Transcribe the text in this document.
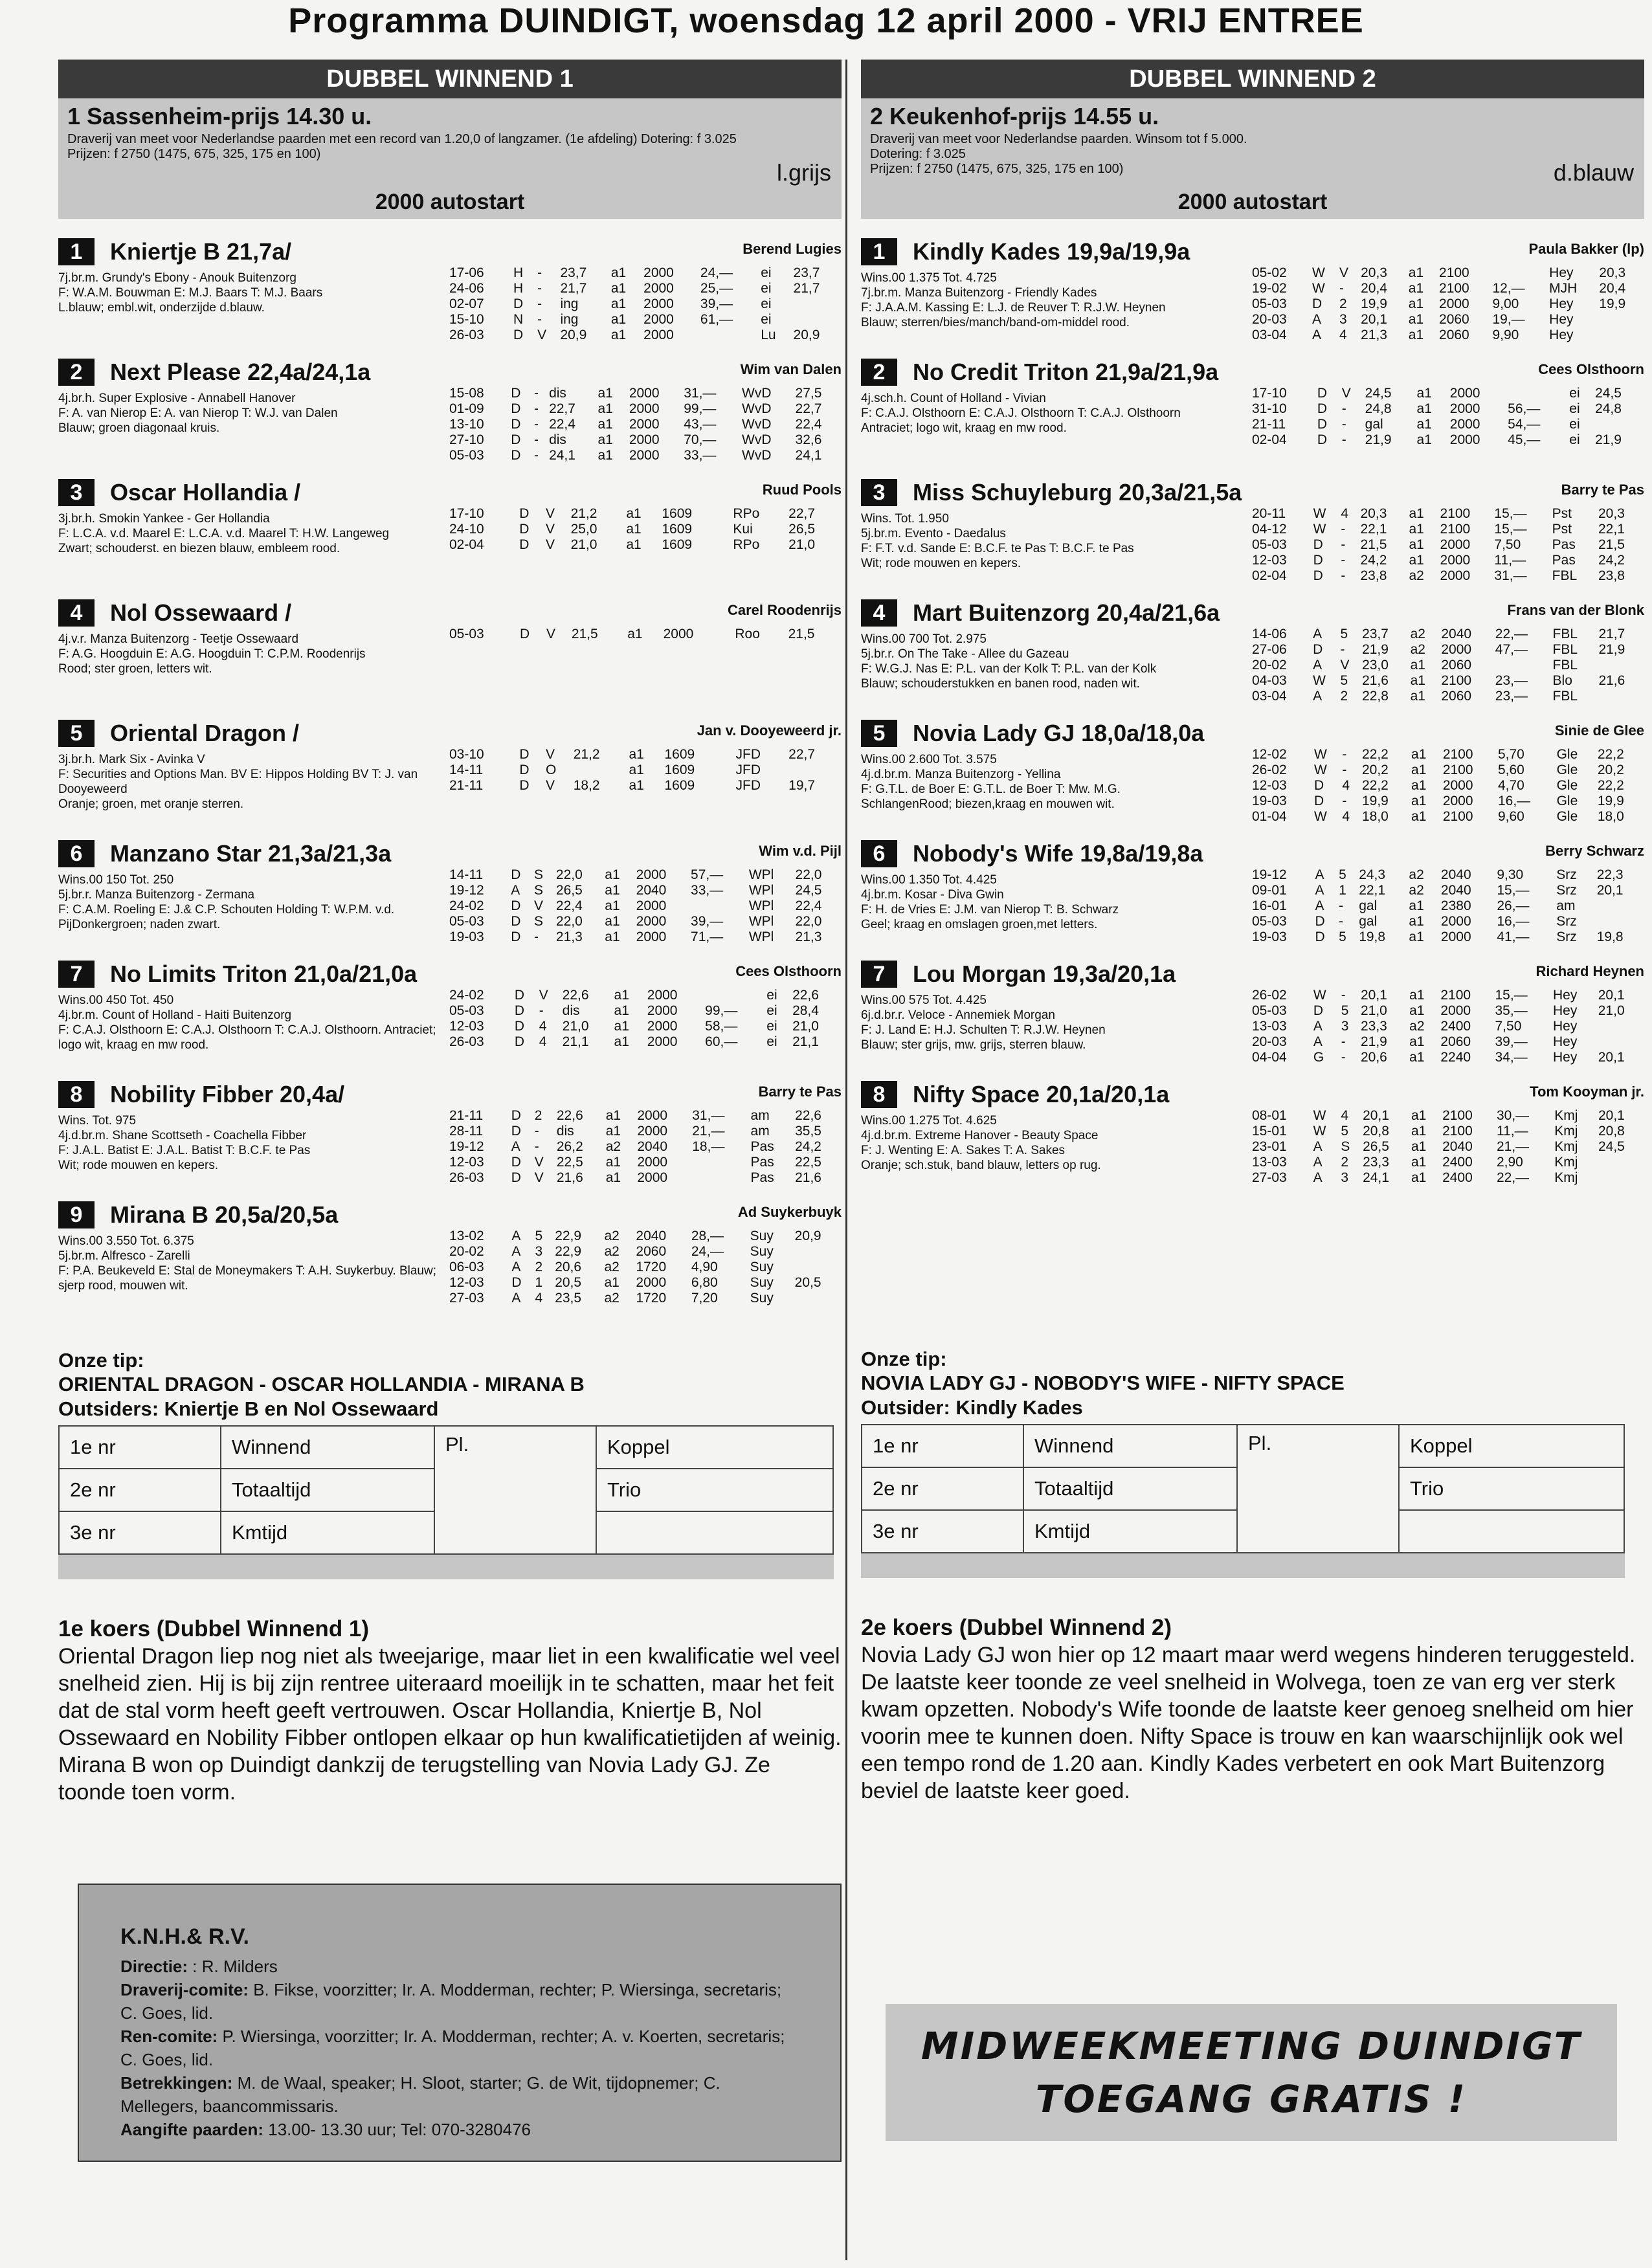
Programma DUINDIGT, woensdag 12 april 2000 - VRIJ ENTREE
DUBBEL WINNEND 1
1 Sassenheim-prijs 14.30 u.
Draverij van meet voor Nederlandse paarden met een record van 1.20,0 of langzamer. (1e afdeling) Dotering: f 3.025
Prijzen: f 2750 (1475, 675, 325, 175 en 100)
l.grijs
2000 autostart
1	Kniertje B 21,7a/	Berend Lugies
7j.br.m. Grundy's Ebony - Anouk Buitenzorg
F: W.A.M. Bouwman E: M.J. Baars T: M.J. Baars
L.blauw; embl.wit, onderzijde d.blauw.
17-06	H	-	23,7	a1	2000	24,—	ei	23,7
24-06	H	-	21,7	a1	2000	25,—	ei	21,7
02-07	D	-	ing	a1	2000	39,—	ei	
15-10	N	-	ing	a1	2000	61,—	ei	
26-03	D	V	20,9	a1	2000		Lu	20,9
2	Next Please 22,4a/24,1a	Wim van Dalen
4j.br.h. Super Explosive - Annabell Hanover
F: A. van Nierop E: A. van Nierop T: W.J. van Dalen
Blauw; groen diagonaal kruis.
15-08	D	-	dis	a1	2000	31,—	WvD	27,5
01-09	D	-	22,7	a1	2000	99,—	WvD	22,7
13-10	D	-	22,4	a1	2000	43,—	WvD	22,4
27-10	D	-	dis	a1	2000	70,—	WvD	32,6
05-03	D	-	24,1	a1	2000	33,—	WvD	24,1
3	Oscar Hollandia /	Ruud Pools
3j.br.h. Smokin Yankee - Ger Hollandia
F: L.C.A. v.d. Maarel E: L.C.A. v.d. Maarel T: H.W. Langeweg
Zwart; schouderst. en biezen blauw, embleem rood.
17-10	D	V	21,2	a1	1609		RPo	22,7
24-10	D	V	25,0	a1	1609		Kui	26,5
02-04	D	V	21,0	a1	1609		RPo	21,0
4	Nol Ossewaard /	Carel Roodenrijs
4j.v.r. Manza Buitenzorg - Teetje Ossewaard
F: A.G. Hoogduin E: A.G. Hoogduin T: C.P.M. Roodenrijs
Rood; ster groen, letters wit.
05-03	D	V	21,5	a1	2000		Roo	21,5
5	Oriental Dragon /	Jan v. Dooyeweerd jr.
3j.br.h. Mark Six - Avinka V
F: Securities and Options Man. BV E: Hippos Holding BV T: J. van Dooyeweerd
Oranje; groen, met oranje sterren.
03-10	D	V	21,2	a1	1609		JFD	22,7
14-11	D	O		a1	1609		JFD	
21-11	D	V	18,2	a1	1609		JFD	19,7
6	Manzano Star 21,3a/21,3a	Wim v.d. Pijl
Wins.00 150 Tot. 250
5j.br.r. Manza Buitenzorg - Zermana
F: C.A.M. Roeling E: J.& C.P. Schouten Holding T: W.P.M. v.d. PijDonkergroen; naden zwart.
14-11	D	S	22,0	a1	2000	57,—	WPl	22,0
19-12	A	S	26,5	a1	2040	33,—	WPl	24,5
24-02	D	V	22,4	a1	2000		WPl	22,4
05-03	D	S	22,0	a1	2000	39,—	WPl	22,0
19-03	D	-	21,3	a1	2000	71,—	WPl	21,3
7	No Limits Triton 21,0a/21,0a	Cees Olsthoorn
Wins.00 450 Tot. 450
4j.br.m. Count of Holland - Haiti Buitenzorg
F: C.A.J. Olsthoorn E: C.A.J. Olsthoorn T: C.A.J. Olsthoorn. Antraciet; logo wit, kraag en mw rood.
24-02	D	V	22,6	a1	2000		ei	22,6
05-03	D	-	dis	a1	2000	99,—	ei	28,4
12-03	D	4	21,0	a1	2000	58,—	ei	21,0
26-03	D	4	21,1	a1	2000	60,—	ei	21,1
8	Nobility Fibber 20,4a/	Barry te Pas
Wins. Tot. 975
4j.d.br.m. Shane Scottseth - Coachella Fibber
F: J.A.L. Batist E: J.A.L. Batist T: B.C.F. te Pas
Wit; rode mouwen en kepers.
21-11	D	2	22,6	a1	2000	31,—	am	22,6
28-11	D	-	dis	a1	2000	21,—	am	35,5
19-12	A	-	26,2	a2	2040	18,—	Pas	24,2
12-03	D	V	22,5	a1	2000		Pas	22,5
26-03	D	V	21,6	a1	2000		Pas	21,6
9	Mirana B 20,5a/20,5a	Ad Suykerbuyk
Wins.00 3.550 Tot. 6.375
5j.br.m. Alfresco - Zarelli
F: P.A. Beukeveld E: Stal de Moneymakers T: A.H. Suykerbuy. Blauw; sjerp rood, mouwen wit.
13-02	A	5	22,9	a2	2040	28,—	Suy	20,9
20-02	A	3	22,9	a2	2060	24,—	Suy	
06-03	A	2	20,6	a2	1720	4,90	Suy	
12-03	D	1	20,5	a1	2000	6,80	Suy	20,5
27-03	A	4	23,5	a2	1720	7,20	Suy	
Onze tip:
ORIENTAL DRAGON - OSCAR HOLLANDIA - MIRANA B
Outsiders: Kniertje B en Nol Ossewaard
1e nr	Winnend	Pl.	Koppel
2e nr	Totaaltijd		Trio
3e nr	Kmtijd		
1e koers (Dubbel Winnend 1)
Oriental Dragon liep nog niet als tweejarige, maar liet in een kwalificatie wel veel snelheid zien. Hij is bij zijn rentree uiteraard moeilijk in te schatten, maar het feit dat de stal vorm heeft geeft vertrouwen. Oscar Hollandia, Kniertje B, Nol Ossewaard en Nobility Fibber ontlopen elkaar op hun kwalificatietijden af weinig. Mirana B won op Duindigt dankzij de terugstelling van Novia Lady GJ. Ze toonde toen vorm.
DUBBEL WINNEND 2
2 Keukenhof-prijs 14.55 u.
Draverij van meet voor Nederlandse paarden. Winsom tot f 5.000. Dotering: f 3.025
Prijzen: f 2750 (1475, 675, 325, 175 en 100)	d.blauw
2000 autostart
1	Kindly Kades 19,9a/19,9a	Paula Bakker (lp)
Wins.00 1.375 Tot. 4.725
7j.br.m. Manza Buitenzorg - Friendly Kades
F: J.A.A.M. Kassing E: L.J. de Reuver T: R.J.W. Heynen
Blauw; sterren/bies/manch/band-om-middel rood.
05-02	W	V	20,3	a1	2100		Hey	20,3
19-02	W	-	20,4	a1	2100	12,—	MJH	20,4
05-03	D	2	19,9	a1	2000	9,00	Hey	19,9
20-03	A	3	20,1	a1	2060	19,—	Hey	
03-04	A	4	21,3	a1	2060	9,90	Hey	
2	No Credit Triton 21,9a/21,9a	Cees Olsthoorn
4j.sch.h. Count of Holland - Vivian
F: C.A.J. Olsthoorn E: C.A.J. Olsthoorn T: C.A.J. Olsthoorn
Antraciet; logo wit, kraag en mw rood.
17-10	D	V	24,5	a1	2000		ei	24,5
31-10	D	-	24,8	a1	2000	56,—	ei	24,8
21-11	D	-	gal	a1	2000	54,—	ei	
02-04	D	-	21,9	a1	2000	45,—	ei	21,9
3	Miss Schuyleburg 20,3a/21,5a	Barry te Pas
Wins. Tot. 1.950
5j.br.m. Evento - Daedalus
F: F.T. v.d. Sande E: B.C.F. te Pas T: B.C.F. te Pas
Wit; rode mouwen en kepers.
20-11	W	4	20,3	a1	2100	15,—	Pst	20,3
04-12	W	-	22,1	a1	2100	15,—	Pst	22,1
05-03	D	-	21,5	a1	2000	7,50	Pas	21,5
12-03	D	-	24,2	a1	2000	11,—	Pas	24,2
02-04	D	-	23,8	a2	2000	31,—	FBL	23,8
4	Mart Buitenzorg 20,4a/21,6a	Frans van der Blonk
Wins.00 700 Tot. 2.975
5j.br.r. On The Take - Allee du Gazeau
F: W.G.J. Nas E: P.L. van der Kolk T: P.L. van der Kolk
Blauw; schouderstukken en banen rood, naden wit.
14-06	A	5	23,7	a2	2040	22,—	FBL	21,7
27-06	D	-	21,9	a2	2000	47,—	FBL	21,9
20-02	A	V	23,0	a1	2060		FBL	
04-03	W	5	21,6	a1	2100	23,—	Blo	21,6
03-04	A	2	22,8	a1	2060	23,—	FBL	
5	Novia Lady GJ 18,0a/18,0a	Sinie de Glee
Wins.00 2.600 Tot. 3.575
4j.d.br.m. Manza Buitenzorg - Yellina
F: G.T.L. de Boer E: G.T.L. de Boer T: Mw. M.G.
SchlangenRood; biezen,kraag en mouwen wit.
12-02	W	-	22,2	a1	2100	5,70	Gle	22,2
26-02	W	-	20,2	a1	2100	5,60	Gle	20,2
12-03	D	4	22,2	a1	2000	4,70	Gle	22,2
19-03	D	-	19,9	a1	2000	16,—	Gle	19,9
01-04	W	4	18,0	a1	2100	9,60	Gle	18,0
6	Nobody's Wife 19,8a/19,8a	Berry Schwarz
Wins.00 1.350 Tot. 4.425
4j.br.m. Kosar - Diva Gwin
F: H. de Vries E: J.M. van Nierop T: B. Schwarz
Geel; kraag en omslagen groen,met letters.
19-12	A	5	24,3	a2	2040	9,30	Srz	22,3
09-01	A	1	22,1	a2	2040	15,—	Srz	20,1
16-01	A	-	gal	a1	2380	26,—	am	
05-03	D	-	gal	a1	2000	16,—	Srz	
19-03	D	5	19,8	a1	2000	41,—	Srz	19,8
7	Lou Morgan 19,3a/20,1a	Richard Heynen
Wins.00 575 Tot. 4.425
6j.d.br.r. Veloce - Annemiek Morgan
F: J. Land E: H.J. Schulten T: R.J.W. Heynen
Blauw; ster grijs, mw. grijs, sterren blauw.
26-02	W	-	20,1	a1	2100	15,—	Hey	20,1
05-03	D	5	21,0	a1	2000	35,—	Hey	21,0
13-03	A	3	23,3	a2	2400	7,50	Hey	
20-03	A	-	21,9	a1	2060	39,—	Hey	
04-04	G	-	20,6	a1	2240	34,—	Hey	20,1
8	Nifty Space 20,1a/20,1a	Tom Kooyman jr.
Wins.00 1.275 Tot. 4.625
4j.d.br.m. Extreme Hanover - Beauty Space
F: J. Wenting E: A. Sakes T: A. Sakes
Oranje; sch.stuk, band blauw, letters op rug.
08-01	W	4	20,1	a1	2100	30,—	Kmj	20,1
15-01	W	5	20,8	a1	2100	11,—	Kmj	20,8
23-01	A	S	26,5	a1	2040	21,—	Kmj	24,5
13-03	A	2	23,3	a1	2400	2,90	Kmj	
27-03	A	3	24,1	a1	2400	22,—	Kmj	
Onze tip:
NOVIA LADY GJ - NOBODY'S WIFE - NIFTY SPACE
Outsider: Kindly Kades
1e nr	Winnend	Pl.	Koppel
2e nr	Totaaltijd		Trio
3e nr	Kmtijd		
2e koers (Dubbel Winnend 2)
Novia Lady GJ won hier op 12 maart maar werd wegens hinderen teruggesteld. De laatste keer toonde ze veel snelheid in Wolvega, toen ze van erg ver sterk kwam opzetten. Nobody's Wife toonde de laatste keer genoeg snelheid om hier voorin mee te kunnen doen. Nifty Space is trouw en kan waarschijnlijk ook wel een tempo rond de 1.20 aan. Kindly Kades verbetert en ook Mart Buitenzorg beviel de laatste keer goed.
K.N.H.& R.V.
Directie: : R. Milders
Draverij-comite: B. Fikse, voorzitter; Ir. A. Modderman, rechter; P. Wiersinga, secretaris; C. Goes, lid.
Ren-comite: P. Wiersinga, voorzitter; Ir. A. Modderman, rechter; A. v. Koerten, secretaris; C. Goes, lid.
Betrekkingen: M. de Waal, speaker; H. Sloot, starter; G. de Wit, tijdopnemer; C. Mellegers, baancommissaris.
Aangifte paarden: 13.00- 13.30 uur; Tel: 070-3280476
MIDWEEKMEETING DUINDIGT
TOEGANG GRATIS !
